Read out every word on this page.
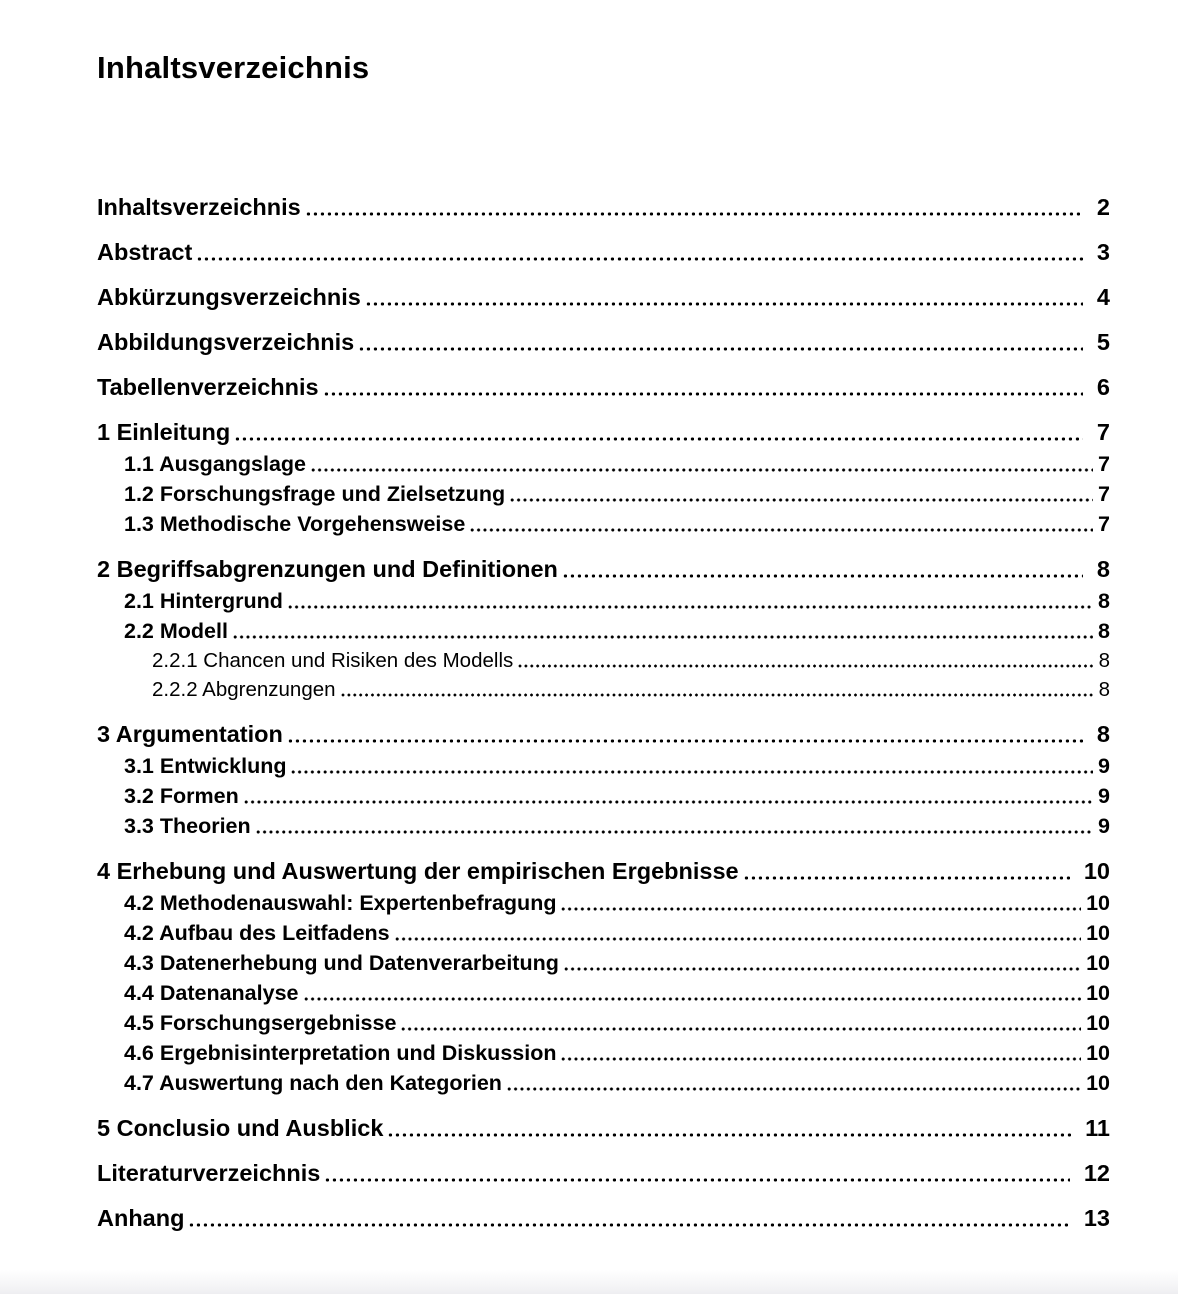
Inhaltsverzeichnis
Inhaltsverzeichnis	2
Abstract	3
Abkürzungsverzeichnis	4
Abbildungsverzeichnis	5
Tabellenverzeichnis	6
1 Einleitung	7
1.1 Ausgangslage	7
1.2 Forschungsfrage und Zielsetzung	7
1.3 Methodische Vorgehensweise	7
2 Begriffsabgrenzungen und Definitionen	8
2.1 Hintergrund	8
2.2 Modell	8
2.2.1 Chancen und Risiken des Modells	8
2.2.2 Abgrenzungen	8
3 Argumentation	8
3.1 Entwicklung	9
3.2 Formen	9
3.3 Theorien	9
4 Erhebung und Auswertung der empirischen Ergebnisse	10
4.2 Methodenauswahl: Expertenbefragung	10
4.2 Aufbau des Leitfadens	10
4.3 Datenerhebung und Datenverarbeitung	10
4.4 Datenanalyse	10
4.5 Forschungsergebnisse	10
4.6 Ergebnisinterpretation und Diskussion	10
4.7 Auswertung nach den Kategorien	10
5 Conclusio und Ausblick	11
Literaturverzeichnis	12
Anhang	13
